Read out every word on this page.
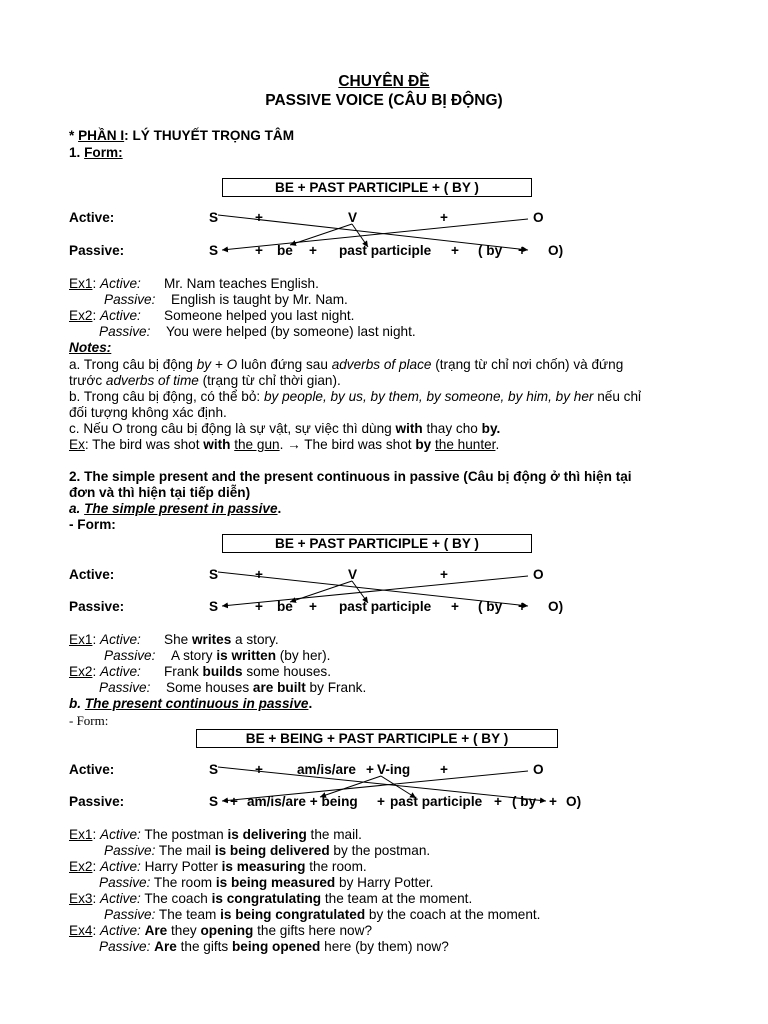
CHUYÊN ĐỀ
PASSIVE VOICE (CÂU BỊ ĐỘNG)
* PHẦN I: LÝ THUYẾT TRỌNG TÂM
1. Form:
BE + PAST PARTICIPLE + ( BY )
Active:	S	+	V	+	O
Passive:	S	+ be + past participle + ( by + O)
Ex1: Active: Mr. Nam teaches English.
Passive: English is taught by Mr. Nam.
Ex2: Active: Someone helped you last night.
Passive: You were helped (by someone) last night.
Notes:
a. Trong câu bị động by + O luôn đứng sau adverbs of place (trạng từ chỉ nơi chốn) và đứng
trước adverbs of time (trạng từ chỉ thời gian).
b. Trong câu bị động, có thể bỏ: by people, by us, by them, by someone, by him, by her nếu chỉ
đối tượng không xác định.
c. Nếu O trong câu bị động là sự vật, sự việc thì dùng with thay cho by.
Ex: The bird was shot with the gun. → The bird was shot by the hunter.
2. The simple present and the present continuous in passive (Câu bị động ở thì hiện tại
đơn và thì hiện tại tiếp diễn)
a. The simple present in passive.
- Form:
BE + PAST PARTICIPLE + ( BY )
Active:	S	+	V	+	O
Passive:	S	+ be + past participle + ( by + O)
Ex1: Active: She writes a story.
Passive: A story is written (by her).
Ex2: Active: Frank builds some houses.
Passive: Some houses are built by Frank.
b. The present continuous in passive.
- Form:
BE + BEING + PAST PARTICIPLE + ( BY )
Active:	S	+	am/is/are + V-ing +	O
Passive:	S + am/is/are + being + past participle + ( by + O)
Ex1: Active: The postman is delivering the mail.
Passive: The mail is being delivered by the postman.
Ex2: Active: Harry Potter is measuring the room.
Passive: The room is being measured by Harry Potter.
Ex3: Active: The coach is congratulating the team at the moment.
Passive: The team is being congratulated by the coach at the moment.
Ex4: Active: Are they opening the gifts here now?
Passive: Are the gifts being opened here (by them) now?
